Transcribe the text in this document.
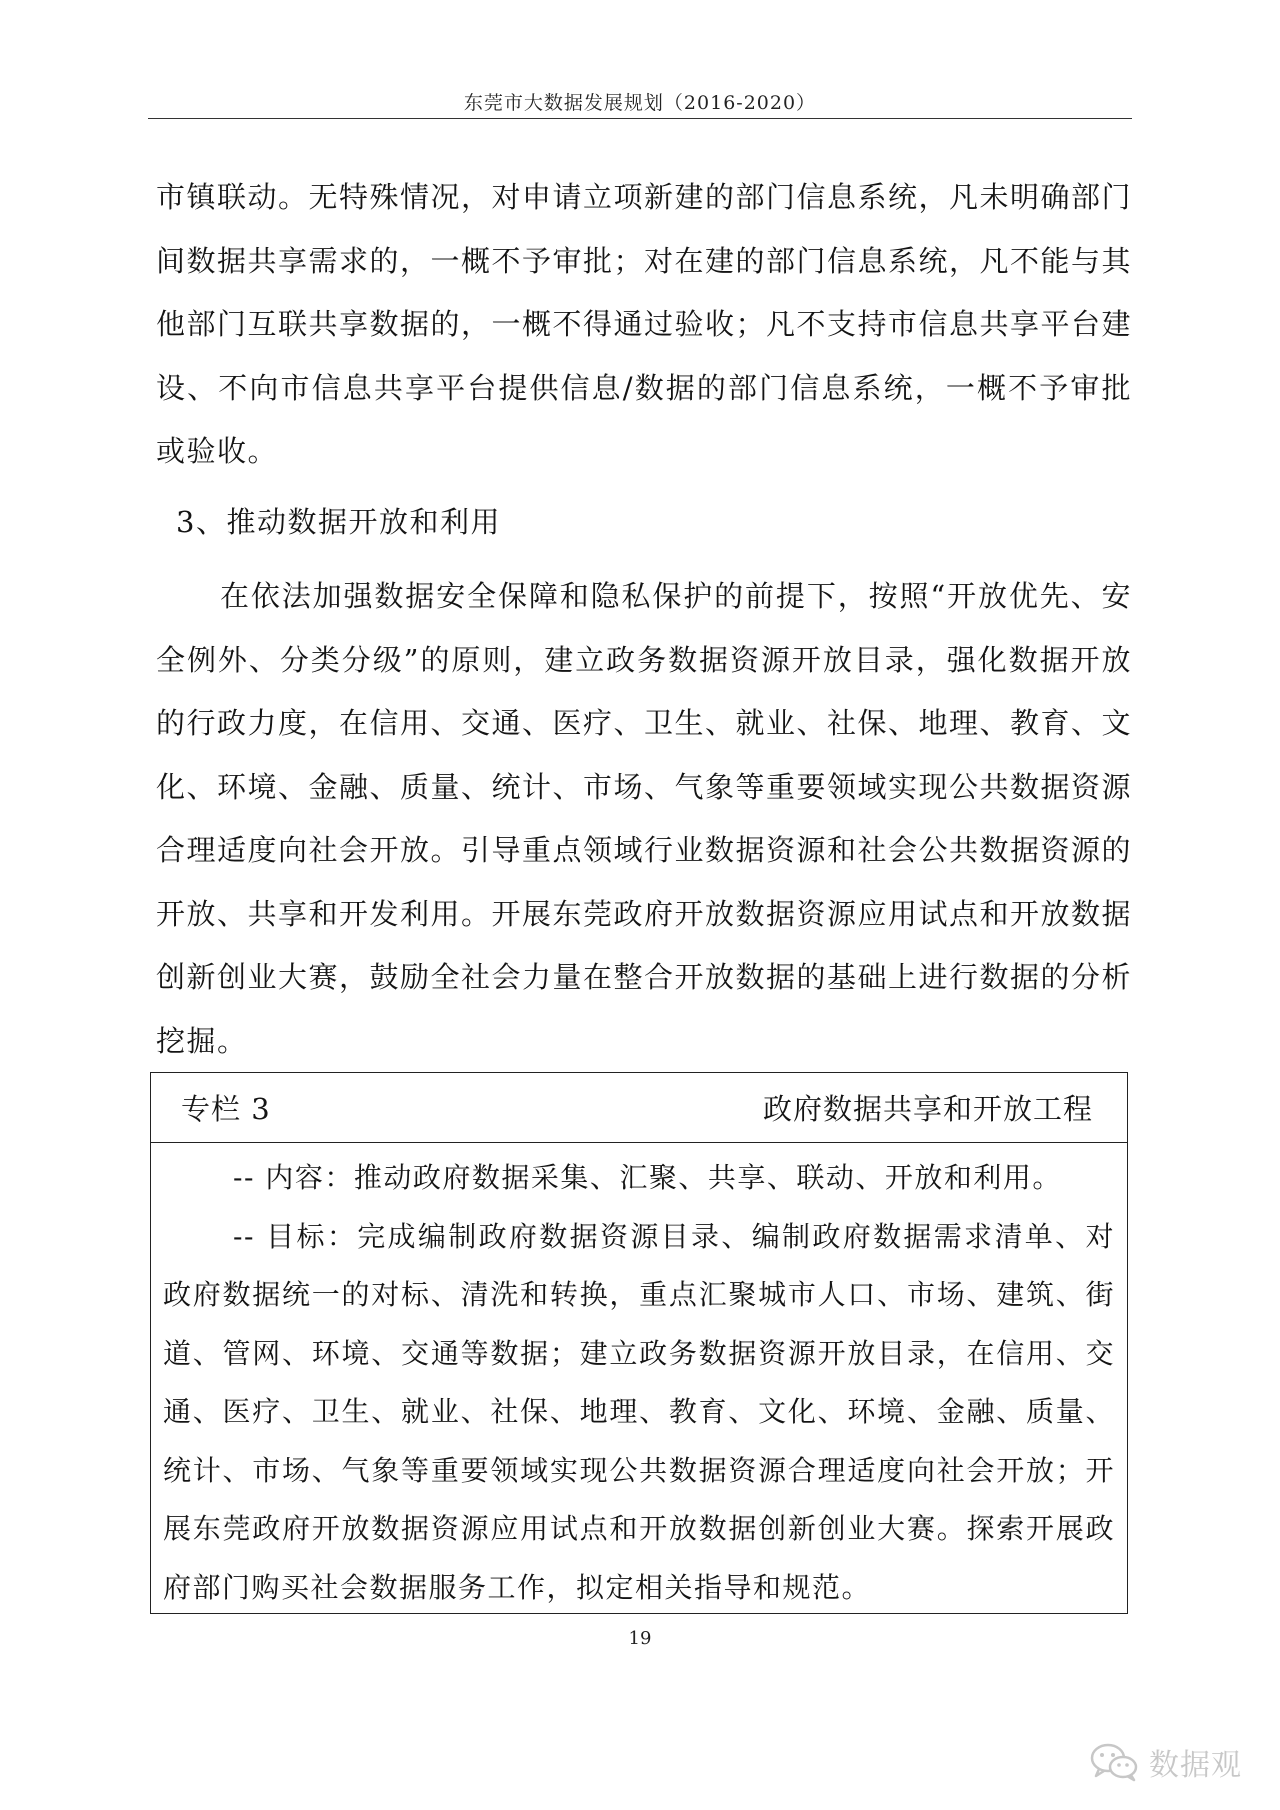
东莞市大数据发展规划（2016-2020）
市镇联动。无特殊情况，对申请立项新建的部门信息系统，凡未明确部门间数据共享需求的，一概不予审批；对在建的部门信息系统，凡不能与其他部门互联共享数据的，一概不得通过验收；凡不支持市信息共享平台建设、不向市信息共享平台提供信息/数据的部门信息系统，一概不予审批或验收。
3、推动数据开放和利用
在依法加强数据安全保障和隐私保护的前提下，按照“开放优先、安全例外、分类分级”的原则，建立政务数据资源开放目录，强化数据开放的行政力度，在信用、交通、医疗、卫生、就业、社保、地理、教育、文化、环境、金融、质量、统计、市场、气象等重要领域实现公共数据资源合理适度向社会开放。引导重点领域行业数据资源和社会公共数据资源的开放、共享和开发利用。开展东莞政府开放数据资源应用试点和开放数据创新创业大赛，鼓励全社会力量在整合开放数据的基础上进行数据的分析挖掘。
专栏 3	政府数据共享和开放工程
-- 内容：推动政府数据采集、汇聚、共享、联动、开放和利用。
-- 目标：完成编制政府数据资源目录、编制政府数据需求清单、对政府数据统一的对标、清洗和转换，重点汇聚城市人口、市场、建筑、街道、管网、环境、交通等数据；建立政务数据资源开放目录，在信用、交通、医疗、卫生、就业、社保、地理、教育、文化、环境、金融、质量、统计、市场、气象等重要领域实现公共数据资源合理适度向社会开放；开展东莞政府开放数据资源应用试点和开放数据创新创业大赛。探索开展政府部门购买社会数据服务工作，拟定相关指导和规范。
19
数据观
